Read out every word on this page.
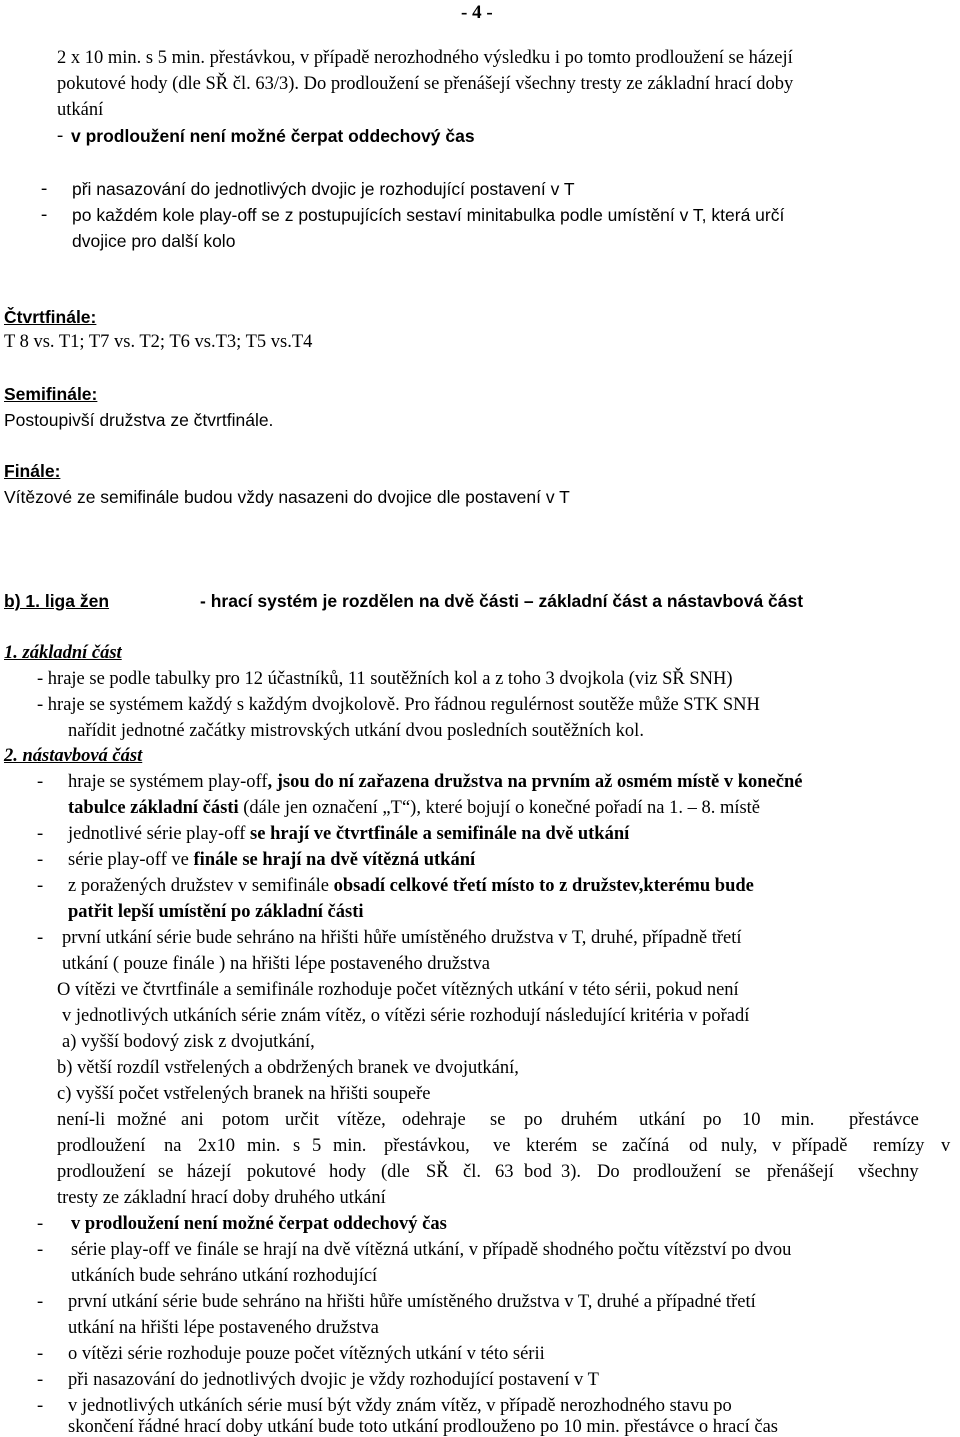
- 4 -
2 x 10 min. s 5 min. přestávkou, v případě nerozhodného výsledku i po tomto prodloužení se házejí
pokutové hody (dle SŘ čl. 63/3). Do prodloužení se přenášejí všechny tresty ze základní hrací doby
utkání
- v prodloužení není možné čerpat oddechový čas
- při nasazování do jednotlivých dvojic je rozhodující postavení v T
- po každém kole play-off se z postupujících sestaví minitabulka podle umístění v T, která určí
dvojice pro další kolo
Čtvrtfinále:
T 8 vs. T1; T7 vs. T2; T6 vs.T3; T5 vs.T4
Semifinále:
Postoupivší družstva ze čtvrtfinále.
Finále:
Vítězové ze semifinále budou vždy nasazeni do dvojice dle postavení v T
b) 1. liga žen	- hrací systém je rozdělen na dvě části – základní část a nástavbová část
1. základní část
- hraje se podle tabulky pro 12 účastníků, 11 soutěžních kol a z toho 3 dvojkola (viz SŘ SNH)
- hraje se systémem každý s každým dvojkolově. Pro řádnou regulérnost soutěže může STK SNH
nařídit jednotné začátky mistrovských utkání dvou posledních soutěžních kol.
2. nástavbová část
- hraje se systémem play-off, jsou do ní zařazena družstva na prvním až osmém místě v konečné
tabulce základní části (dále jen označení „T“), které bojují o konečné pořadí na 1. – 8. místě
- jednotlivé série play-off se hrají ve čtvrtfinále a semifinále na dvě utkání
- série play-off ve finále se hrají na dvě vítězná utkání
- z poražených družstev v semifinále obsadí celkové třetí místo to z družstev,kterému bude
patřit lepší umístění po základní části
- první utkání série bude sehráno na hřišti hůře umístěného družstva v T, druhé, případně třetí
utkání ( pouze finále ) na hřišti lépe postaveného družstva
O vítězi ve čtvrtfinále a semifinále rozhoduje počet vítězných utkání v této sérii, pokud není
v jednotlivých utkáních série znám vítěz, o vítězi série rozhodují následující kritéria v pořadí
a) vyšší bodový zisk z dvojutkání,
b) větší rozdíl vstřelených a obdržených branek ve dvojutkání,
c) vyšší počet vstřelených branek na hřišti soupeře
není-li možné ani potom určit vítěze, odehraje se po druhém utkání po 10 min. přestávce
prodloužení na 2x10 min. s 5 min. přestávkou, ve kterém se začíná od nuly, v případě remízy v
prodloužení se házejí pokutové hody (dle SŘ čl. 63 bod 3). Do prodloužení se přenášejí všechny
tresty ze základní hrací doby druhého utkání
- v prodloužení není možné čerpat oddechový čas
- série play-off ve finále se hrají na dvě vítězná utkání, v případě shodného počtu vítězství po dvou
utkáních bude sehráno utkání rozhodující
- první utkání série bude sehráno na hřišti hůře umístěného družstva v T, druhé a případné třetí
utkání na hřišti lépe postaveného družstva
- o vítězi série rozhoduje pouze počet vítězných utkání v této sérii
- při nasazování do jednotlivých dvojic je vždy rozhodující postavení v T
- v jednotlivých utkáních série musí být vždy znám vítěz, v případě nerozhodného stavu po
skončení řádné hrací doby utkání bude toto utkání prodlouženo po 10 min. přestávce o hrací čas
